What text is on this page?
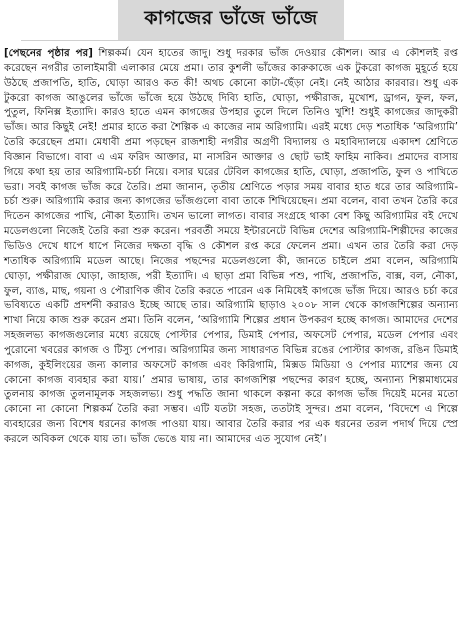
কাগজের ভাঁজে ভাঁজে
[পেছনের পৃষ্ঠার পর] শিল্পকর্ম। যেন হাতের জাদু। শুধু দরকার ভাঁজ দেওয়ার কৌশল। আর এ কৌশলই রপ্ত করেছেন নগরীর তালাইমারী এলাকার মেয়ে প্রমা। তার কুশলী ভাঁজের কারুকাজে এক টুকরো কাগজ মুহূর্তে হয়ে উঠছে প্রজাপতি, হাতি, ঘোড়া আরও কত কী! অথচ কোনো কাটা-ছেঁড়া নেই। নেই আঠার কারবার। শুধু এক টুকরো কাগজ আঙুলের ভাঁজে ভাঁজে হয়ে উঠছে দিব্যি হাতি, ঘোড়া, পক্ষীরাজ, মুখোশ, ড্রাগন, ফুল, ফল, পুতুল, ফিনিক্স ইত্যাদি। কারও হাতে এমন কাগজের উপহার তুলে দিলে তিনিও খুশি! শুধুই কাগজের জাদুকরী ভাঁজ। আর কিছুই নেই! প্রমার হাতে করা শৈল্পিক এ কাজের নাম অরিগ্যামি। এরই মধ্যে দেড় শতাধিক ‘অরিগ্যামি’ তৈরি করেছেন প্রমা। মেধাবী প্রমা পড়ছেন রাজশাহী নগরীর অগ্রণী বিদ্যালয় ও মহাবিদ্যালয়ে একাদশ শ্রেণিতে বিজ্ঞান বিভাগে। বাবা এ এম ফরিদ আক্তার, মা নাসরিন আক্তার ও ছোট ভাই ফাহিম নাকিব। প্রমাদের বাসায় গিয়ে কথা হয় তার অরিগ্যামি-চর্চা নিয়ে। বসার ঘরের টেবিল কাগজের হাতি, ঘোড়া, প্রজাপতি, ফুল ও পাখিতে ভরা। সবই কাগজ ভাঁজ করে তৈরি। প্রমা জানান, তৃতীয় শ্রেণিতে পড়ার সময় বাবার হাত ধরে তার অরিগ্যামি-চর্চা শুরু। অরিগ্যামি করার জন্য কাগজের ভাঁজগুলো বাবা তাকে শিখিয়েছেন। প্রমা বলেন, বাবা তখন তৈরি করে দিতেন কাগজের পাখি, নৌকা ইত্যাদি। তখন ভালো লাগত। বাবার সংগ্রহে থাকা বেশ কিছু অরিগ্যামির বই দেখে মডেলগুলো নিজেই তৈরি করা শুরু করেন। পরবর্তী সময়ে ইন্টারনেটে বিভিন্ন দেশের অরিগ্যামি-শিল্পীদের কাজের ভিডিও দেখে ধাপে ধাপে নিজের দক্ষতা বৃদ্ধি ও কৌশল রপ্ত করে ফেলেন প্রমা। এখন তার তৈরি করা দেড় শতাধিক অরিগ্যামি মডেল আছে। নিজের পছন্দের মডেলগুলো কী, জানতে চাইলে প্রমা বলেন, অরিগ্যামি ঘোড়া, পক্ষীরাজ ঘোড়া, জাহাজ, পরী ইত্যাদি। এ ছাড়া প্রমা বিভিন্ন পশু, পাখি, প্রজাপতি, বাক্স, বল, নৌকা, ফুল, ব্যাঙ, মাছ, গয়না ও পৌরাণিক জীব তৈরি করতে পারেন এক নিমিষেই কাগজে ভাঁজ দিয়ে। আরও চর্চা করে ভবিষ্যতে একটি প্রদর্শনী করারও ইচ্ছে আছে তার। অরিগ্যামি ছাড়াও ২০০৮ সাল থেকে কাগজশিল্পের অন্যান্য শাখা নিয়ে কাজ শুরু করেন প্রমা। তিনি বলেন, ‘অরিগ্যামি শিল্পের প্রধান উপকরণ হচ্ছে কাগজ। আমাদের দেশের সহজলভ্য কাগজগুলোর মধ্যে রয়েছে পোস্টার পেপার, ডিমাই পেপার, অফসেট পেপার, মডেল পেপার এবং পুরোনো খবরের কাগজ ও টিস্যু পেপার। অরিগ্যামির জন্য সাধারণত বিভিন্ন রঙের পোস্টার কাগজ, রঙিন ডিমাই কাগজ, কুইলিংয়ের জন্য কালার অফসেট কাগজ এবং কিরিগামি, মিক্সড মিডিয়া ও পেপার ম্যাশের জন্য যে কোনো কাগজ ব্যবহার করা যায়।’ প্রমার ভাষায়, তার কাগজশিল্প পছন্দের কারণ হচ্ছে, অন্যান্য শিল্পমাধ্যমের তুলনায় কাগজ তুলনামূলক সহজলভ্য। শুধু পদ্ধতি জানা থাকলে কল্পনা করে কাগজ ভাঁজ দিয়েই মনের মতো কোনো না কোনো শিল্পকর্ম তৈরি করা সম্ভব। এটি যতটা সহজ, ততটাই সুন্দর। প্রমা বলেন, ‘বিদেশে এ শিল্পে ব্যবহারের জন্য বিশেষ ধরনের কাগজ পাওয়া যায়। আবার তৈরি করার পর এক ধরনের তরল পদার্থ দিয়ে স্প্রে করলে অবিকল থেকে যায় তা। ভাঁজ ভেঙে যায় না। আমাদের এত সুযোগ নেই’।
